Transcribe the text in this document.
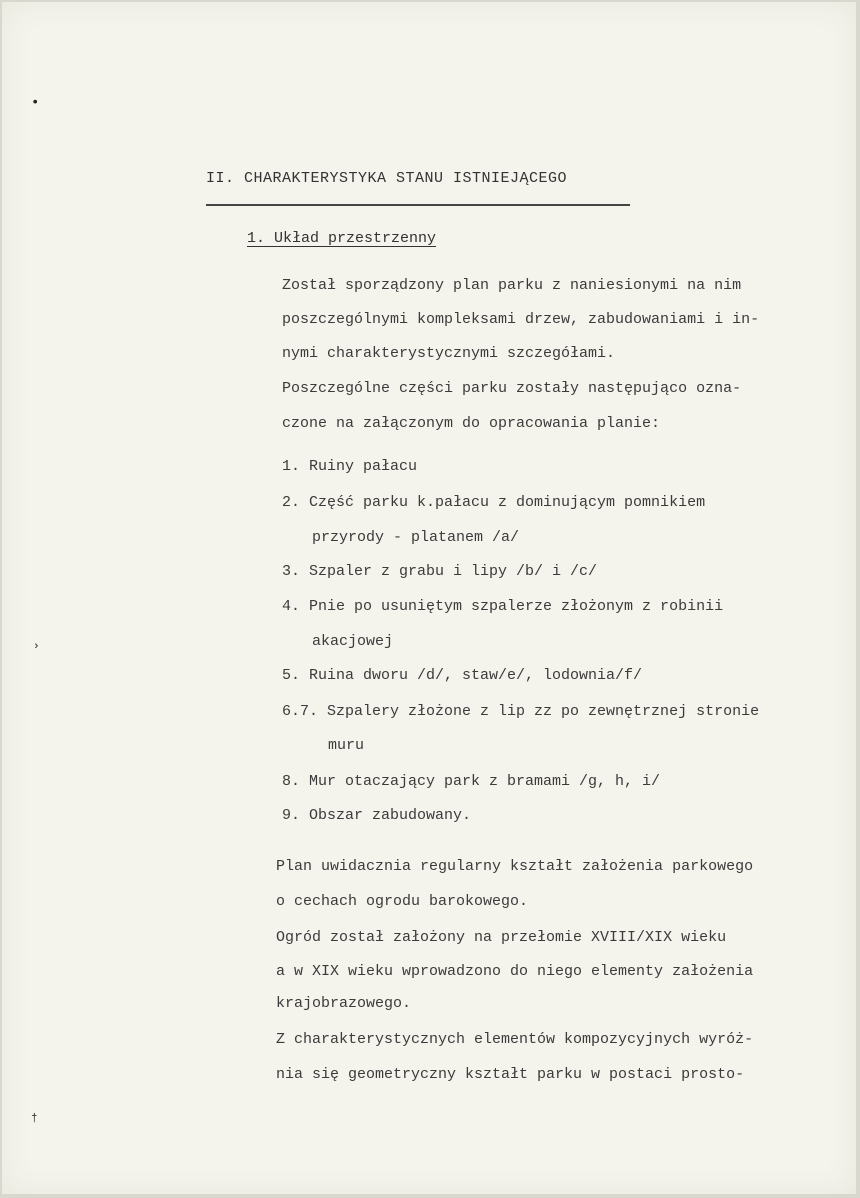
•
›
†
II. CHARAKTERYSTYKA STANU ISTNIEJĄCEGO
1. Układ przestrzenny
Został sporządzony plan parku z naniesionymi na nim
poszczególnymi kompleksami drzew, zabudowaniami i in-
nymi charakterystycznymi szczegółami.
Poszczególne części parku zostały następująco ozna-
czone na załączonym do opracowania planie:
1. Ruiny pałacu
2. Część parku k.pałacu z dominującym pomnikiem
przyrody - platanem /a/
3. Szpaler z grabu i lipy /b/ i /c/
4. Pnie po usuniętym szpalerze złożonym z robinii
akacjowej
5. Ruina dworu /d/, staw/e/, lodownia/f/
6.7. Szpalery złożone z lip zz po zewnętrznej stronie
muru
8. Mur otaczający park z bramami /g, h, i/
9. Obszar zabudowany.
Plan uwidacznia regularny kształt założenia parkowego
o cechach ogrodu barokowego.
Ogród został założony na przełomie XVIII/XIX wieku
a w XIX wieku wprowadzono do niego elementy założenia
krajobrazowego.
Z charakterystycznych elementów kompozycyjnych wyróż-
nia się geometryczny kształt parku w postaci prosto-
